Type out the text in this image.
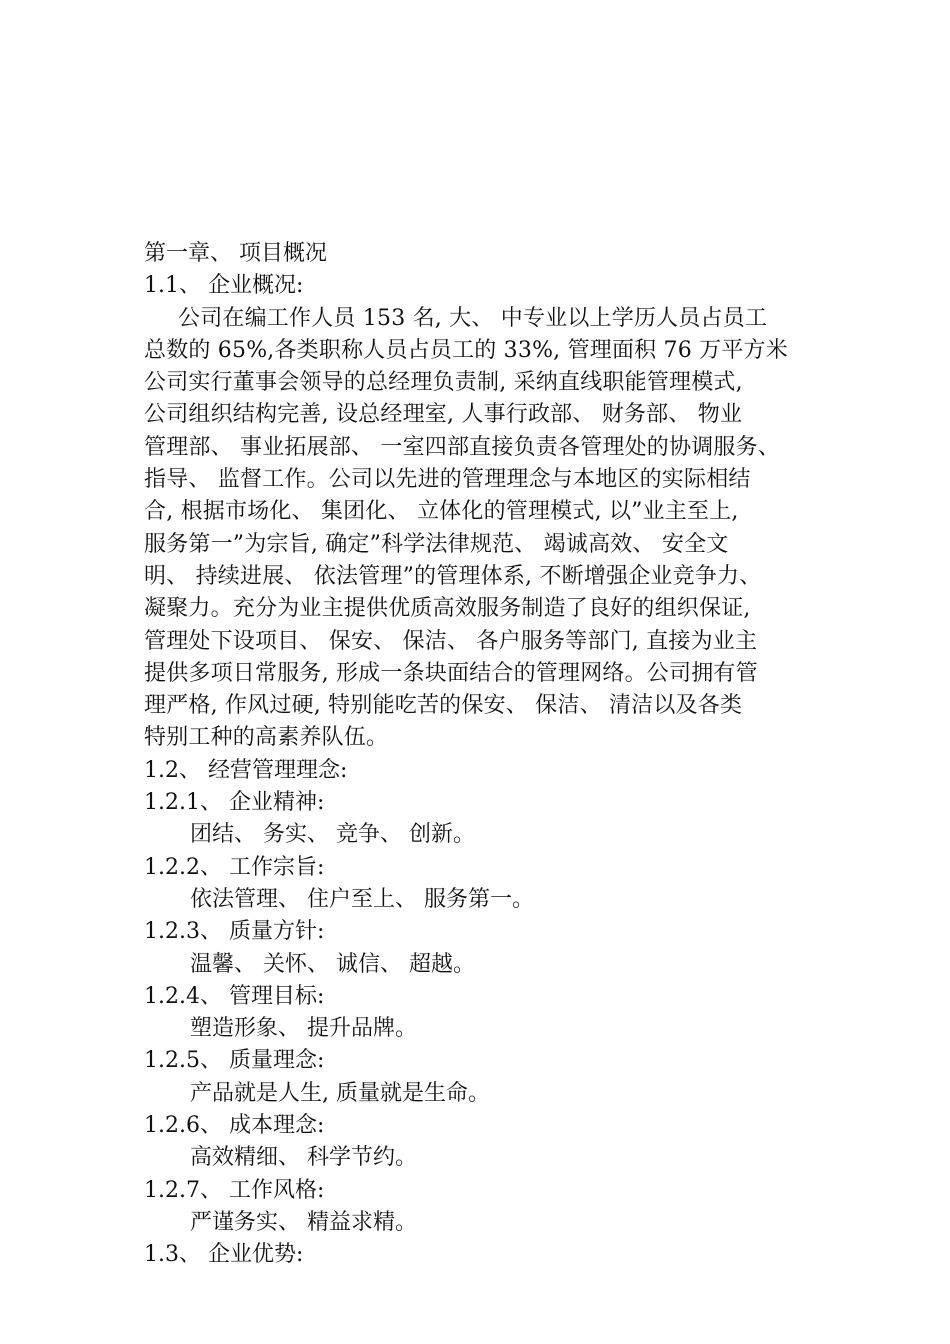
第一章、 项目概况
1.1、 企业概况:
公司在编工作人员 153 名, 大、 中专业以上学历人员占员工
总数的 65%,各类职称人员占员工的 33%, 管理面积 76 万平方米
公司实行董事会领导的总经理负责制, 采纳直线职能管理模式,
公司组织结构完善, 设总经理室, 人事行政部、 财务部、 物业
管理部、 事业拓展部、 一室四部直接负责各管理处的协调服务、
指导、 监督工作。公司以先进的管理理念与本地区的实际相结
合, 根据市场化、 集团化、 立体化的管理模式, 以”业主至上,
服务第一”为宗旨, 确定”科学法律规范、 竭诚高效、 安全文
明、 持续进展、 依法管理”的管理体系, 不断增强企业竞争力、
凝聚力。充分为业主提供优质高效服务制造了良好的组织保证,
管理处下设项目、 保安、 保洁、 各户服务等部门, 直接为业主
提供多项日常服务, 形成一条块面结合的管理网络。公司拥有管
理严格, 作风过硬, 特别能吃苦的保安、 保洁、 清洁以及各类
特别工种的高素养队伍。
1.2、 经营管理理念:
1.2.1、 企业精神:
团结、 务实、 竞争、 创新。
1.2.2、 工作宗旨:
依法管理、 住户至上、 服务第一。
1.2.3、 质量方针:
温馨、 关怀、 诚信、 超越。
1.2.4、 管理目标:
塑造形象、 提升品牌。
1.2.5、 质量理念:
产品就是人生, 质量就是生命。
1.2.6、 成本理念:
高效精细、 科学节约。
1.2.7、 工作风格:
严谨务实、 精益求精。
1.3、 企业优势:
